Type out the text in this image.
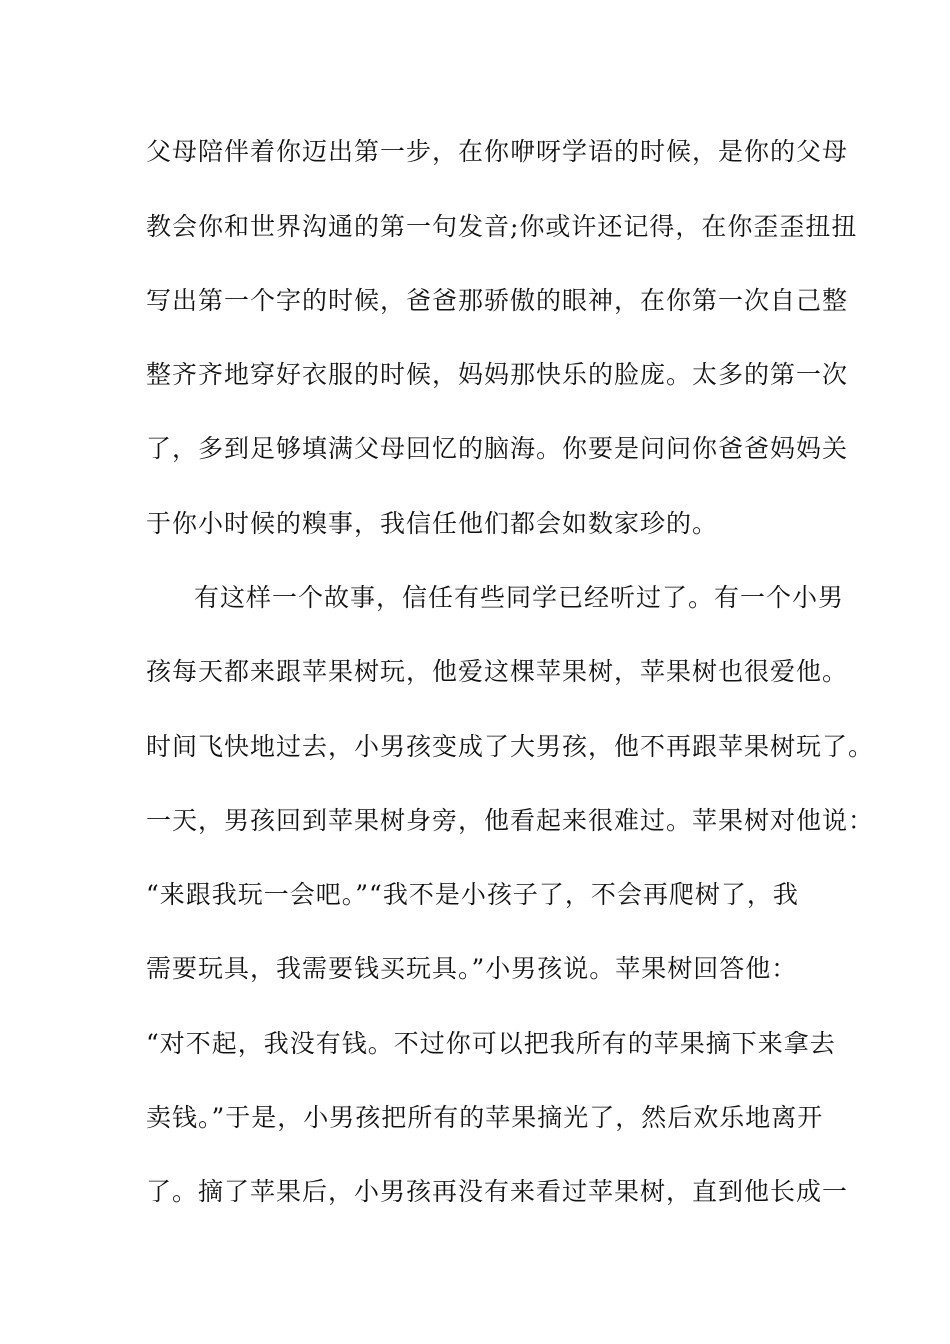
父母陪伴着你迈出第一步，在你咿呀学语的时候，是你的父母
教会你和世界沟通的第一句发音;你或许还记得，在你歪歪扭扭
写出第一个字的时候，爸爸那骄傲的眼神，在你第一次自己整
整齐齐地穿好衣服的时候，妈妈那快乐的脸庞。太多的第一次
了，多到足够填满父母回忆的脑海。你要是问问你爸爸妈妈关
于你小时候的糗事，我信任他们都会如数家珍的。
有这样一个故事，信任有些同学已经听过了。有一个小男
孩每天都来跟苹果树玩，他爱这棵苹果树，苹果树也很爱他。
时间飞快地过去，小男孩变成了大男孩，他不再跟苹果树玩了。
一天，男孩回到苹果树身旁，他看起来很难过。苹果树对他说：
“来跟我玩一会吧。”“我不是小孩子了，不会再爬树了，我
需要玩具，我需要钱买玩具。”小男孩说。苹果树回答他：
“对不起，我没有钱。不过你可以把我所有的苹果摘下来拿去
卖钱。”于是，小男孩把所有的苹果摘光了，然后欢乐地离开
了。摘了苹果后，小男孩再没有来看过苹果树，直到他长成一
